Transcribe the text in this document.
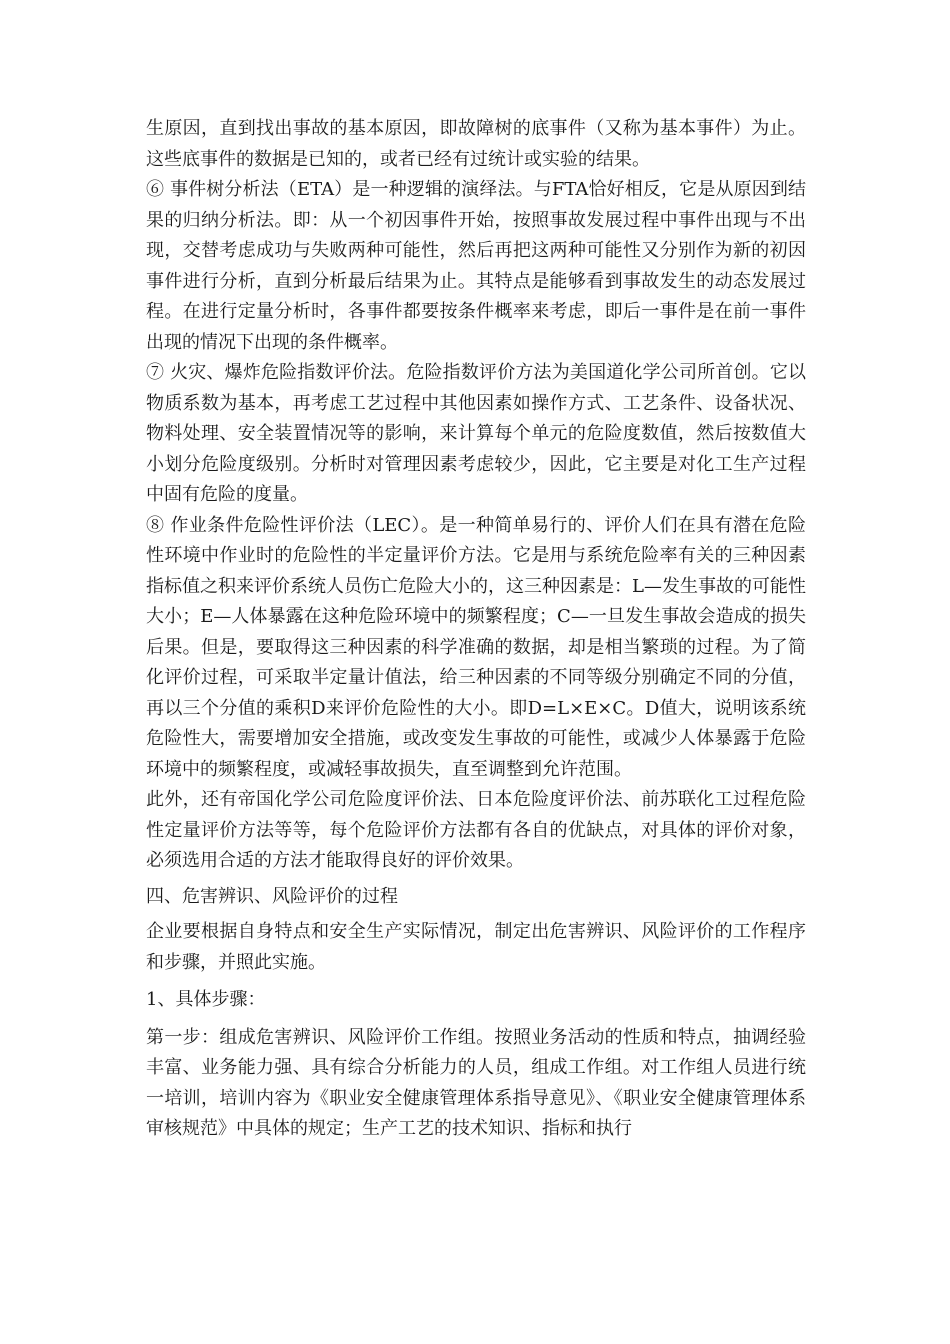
生原因，直到找出事故的基本原因，即故障树的底事件（又称为基本事件）为止。这些底事件的数据是已知的，或者已经有过统计或实验的结果。

⑥ 事件树分析法（ETA）是一种逻辑的演绎法。与FTA恰好相反，它是从原因到结果的归纳分析法。即：从一个初因事件开始，按照事故发展过程中事件出现与不出现，交替考虑成功与失败两种可能性，然后再把这两种可能性又分别作为新的初因事件进行分析，直到分析最后结果为止。其特点是能够看到事故发生的动态发展过程。在进行定量分析时，各事件都要按条件概率来考虑，即后一事件是在前一事件出现的情况下出现的条件概率。

⑦ 火灾、爆炸危险指数评价法。危险指数评价方法为美国道化学公司所首创。它以物质系数为基本，再考虑工艺过程中其他因素如操作方式、工艺条件、设备状况、物料处理、安全装置情况等的影响，来计算每个单元的危险度数值，然后按数值大小划分危险度级别。分析时对管理因素考虑较少，因此，它主要是对化工生产过程中固有危险的度量。

⑧ 作业条件危险性评价法（LEC）。是一种简单易行的、评价人们在具有潜在危险性环境中作业时的危险性的半定量评价方法。它是用与系统危险率有关的三种因素指标值之积来评价系统人员伤亡危险大小的，这三种因素是：L—发生事故的可能性大小；E—人体暴露在这种危险环境中的频繁程度；C—一旦发生事故会造成的损失后果。但是，要取得这三种因素的科学准确的数据，却是相当繁琐的过程。为了简化评价过程，可采取半定量计值法，给三种因素的不同等级分别确定不同的分值，再以三个分值的乘积D来评价危险性的大小。即D=L×E×C。D值大，说明该系统危险性大，需要增加安全措施，或改变发生事故的可能性，或减少人体暴露于危险环境中的频繁程度，或减轻事故损失，直至调整到允许范围。

此外，还有帝国化学公司危险度评价法、日本危险度评价法、前苏联化工过程危险性定量评价方法等等，每个危险评价方法都有各自的优缺点，对具体的评价对象，必须选用合适的方法才能取得良好的评价效果。

四、危害辨识、风险评价的过程

企业要根据自身特点和安全生产实际情况，制定出危害辨识、风险评价的工作程序和步骤，并照此实施。

1、具体步骤：

第一步：组成危害辨识、风险评价工作组。按照业务活动的性质和特点，抽调经验丰富、业务能力强、具有综合分析能力的人员，组成工作组。对工作组人员进行统一培训，培训内容为《职业安全健康管理体系指导意见》、《职业安全健康管理体系审核规范》中具体的规定；生产工艺的技术知识、指标和执行
